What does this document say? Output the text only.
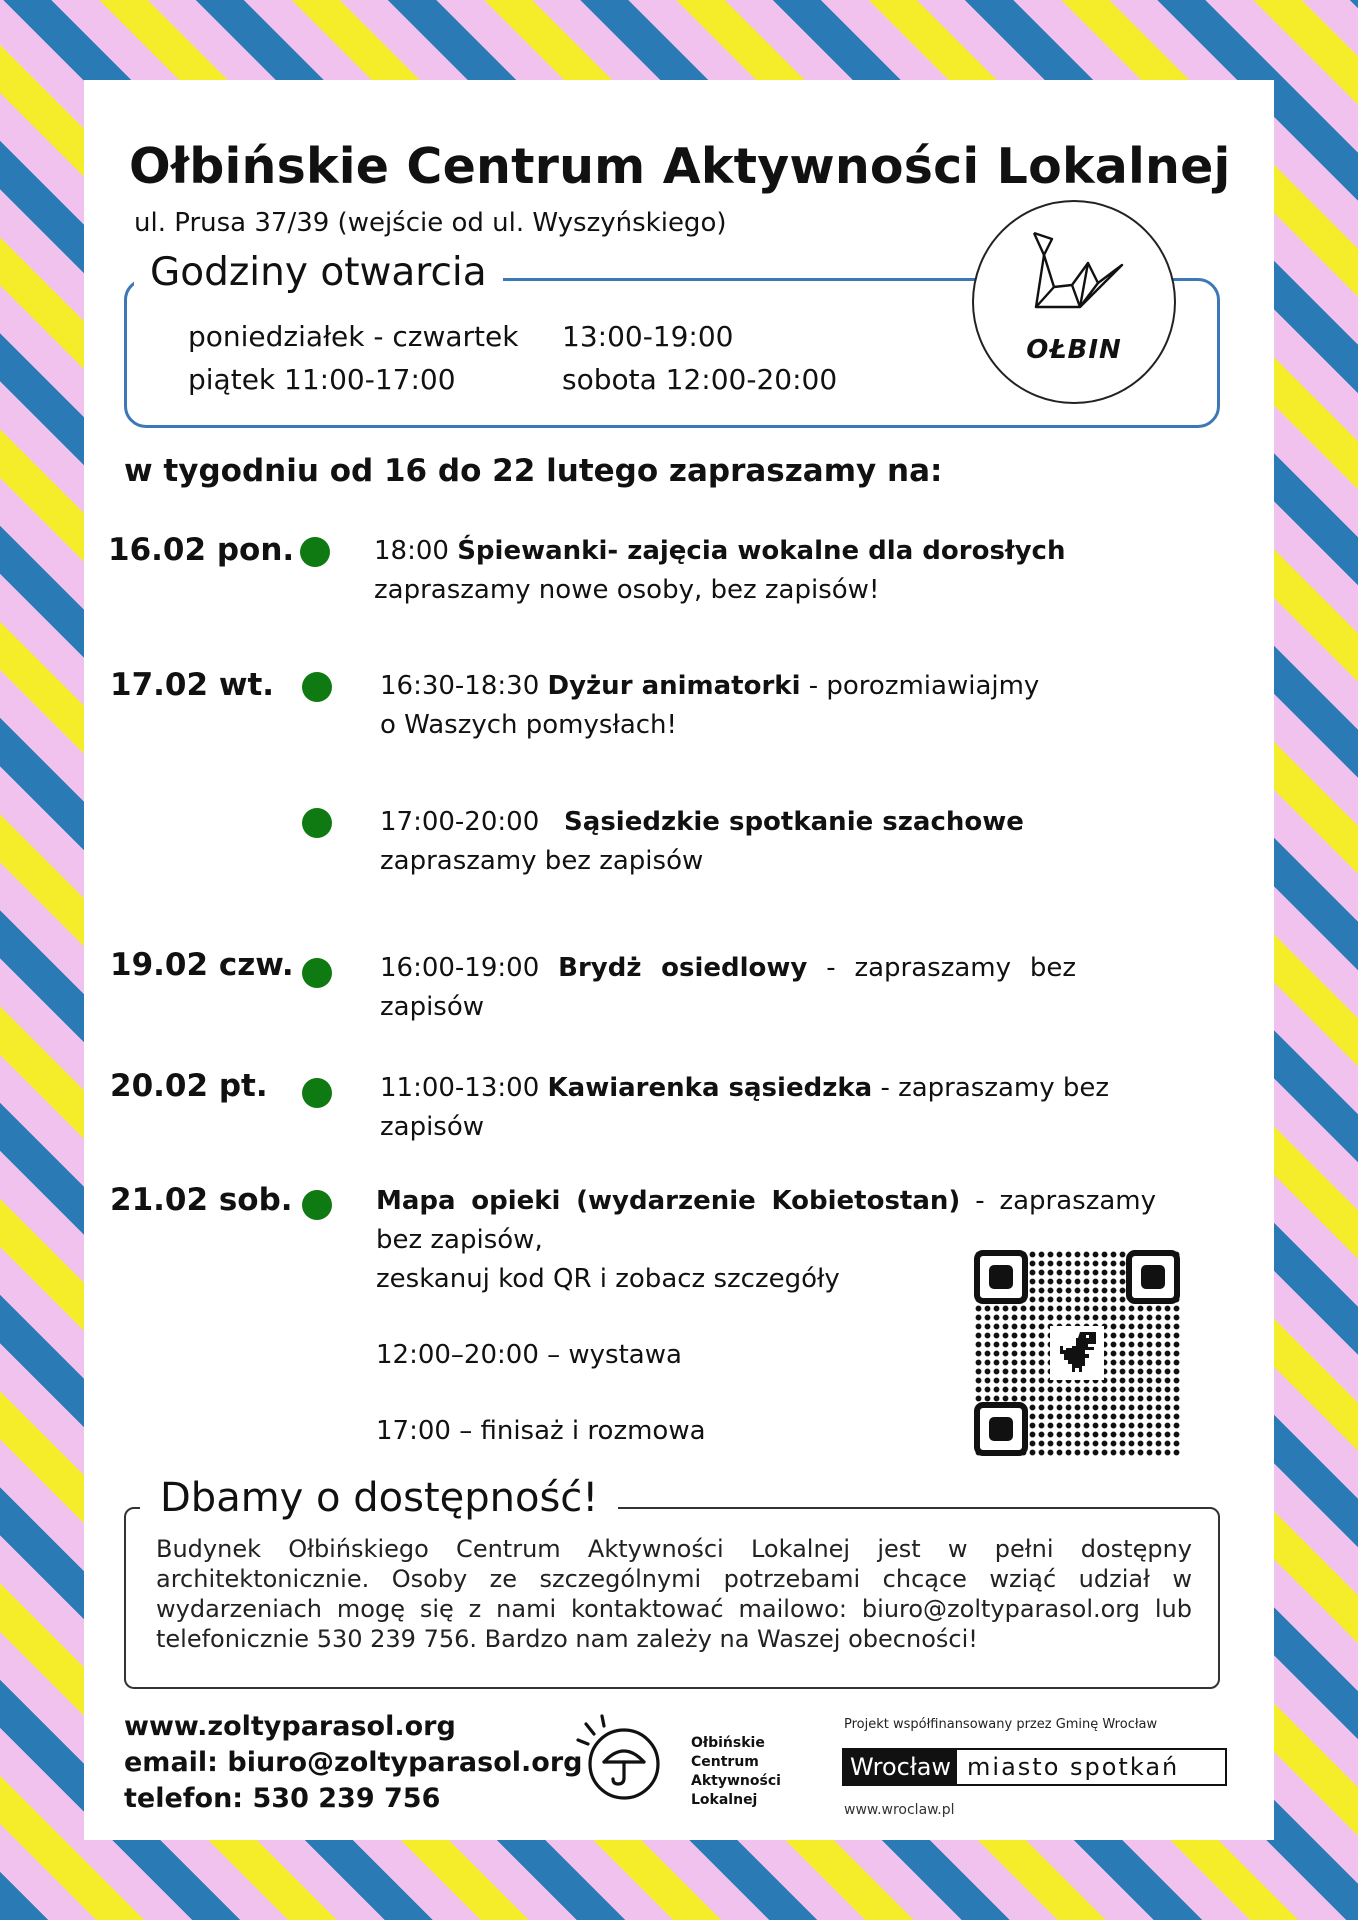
Ołbińskie Centrum Aktywności Lokalnej
ul. Prusa 37/39 (wejście od ul. Wyszyńskiego)
Godziny otwarcia
poniedziałek - czwartek 13:00-19:00
piątek 11:00-17:00	sobota 12:00-20:00
OŁBIN
w tygodniu od 16 do 22 lutego zapraszamy na:
16.02 pon.	18:00 Śpiewanki- zajęcia wokalne dla dorosłych
zapraszamy nowe osoby, bez zapisów!
17.02 wt.	16:30-18:30 Dyżur animatorki - porozmiawiajmy
o Waszych pomysłach!
17:00-20:00 Sąsiedzkie spotkanie szachowe
zapraszamy bez zapisów
19.02 czw.	16:00-19:00 Brydż osiedlowy - zapraszamy bez
zapisów
20.02 pt.	11:00-13:00 Kawiarenka sąsiedzka - zapraszamy bez
zapisów
21.02 sob.	Mapa opieki (wydarzenie Kobietostan) - zapraszamy
bez zapisów,
zeskanuj kod QR i zobacz szczegóły
12:00–20:00 – wystawa
17:00 – finisaż i rozmowa
Dbamy o dostępność!
Budynek Ołbińskiego Centrum Aktywności Lokalnej jest w pełni dostępny architektonicznie. Osoby ze szczególnymi potrzebami chcące wziąć udział w wydarzeniach mogę się z nami kontaktować mailowo: biuro@zoltyparasol.org lub telefonicznie 530 239 756. Bardzo nam zależy na Waszej obecności!
www.zoltyparasol.org
email: biuro@zoltyparasol.org
telefon: 530 239 756
Ołbińskie
Centrum
Aktywności
Lokalnej
Projekt współfinansowany przez Gminę Wrocław
Wrocław miasto spotkań
www.wroclaw.pl
